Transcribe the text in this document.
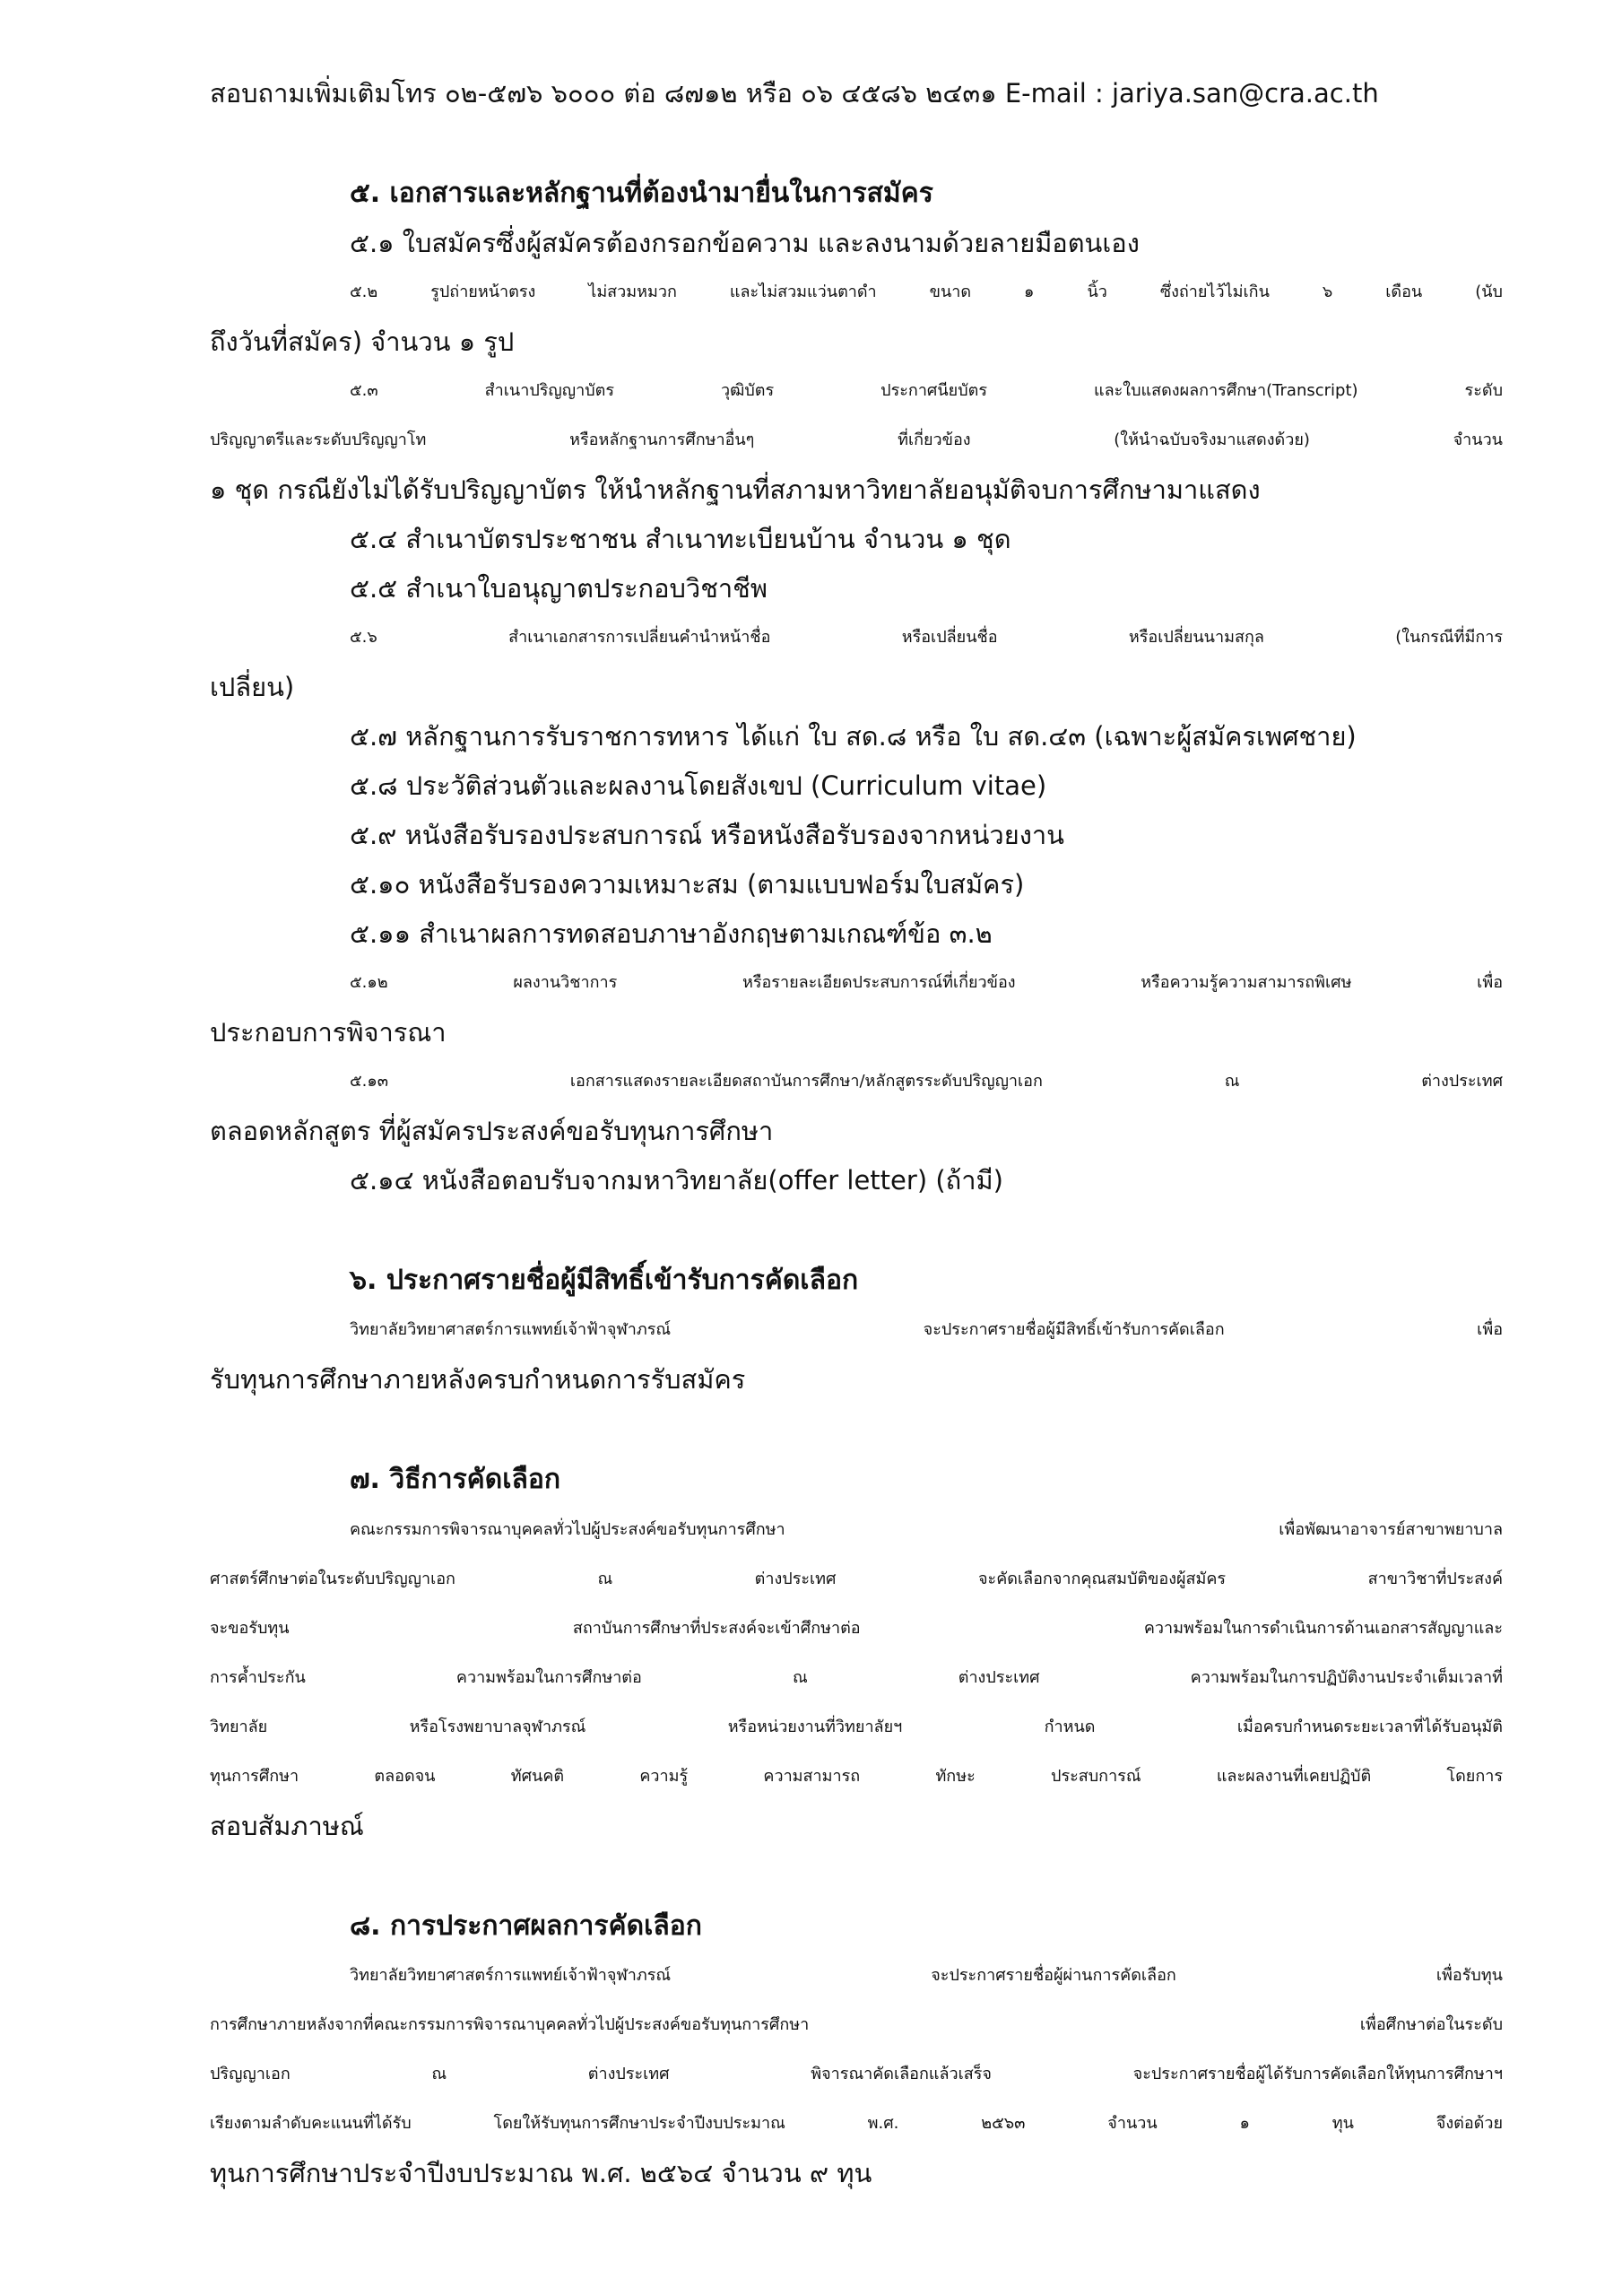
สอบถามเพิ่มเติมโทร ๐๒-๕๗๖ ๖๐๐๐ ต่อ ๘๗๑๒ หรือ ๐๖ ๔๕๘๖ ๒๔๓๑ E-mail : jariya.san@cra.ac.th

๕. เอกสารและหลักฐานที่ต้องนำมายื่นในการสมัคร

๕.๑ ใบสมัครซึ่งผู้สมัครต้องกรอกข้อความ และลงนามด้วยลายมือตนเอง

๕.๒ รูปถ่ายหน้าตรง ไม่สวมหมวก และไม่สวมแว่นตาดำ ขนาด ๑ นิ้ว ซึ่งถ่ายไว้ไม่เกิน ๖ เดือน (นับ

ถึงวันที่สมัคร) จำนวน ๑ รูป

๕.๓ สำเนาปริญญาบัตร วุฒิบัตร ประกาศนียบัตร และใบแสดงผลการศึกษา(Transcript) ระดับ

ปริญญาตรีและระดับปริญญาโท หรือหลักฐานการศึกษาอื่นๆ ที่เกี่ยวข้อง (ให้นำฉบับจริงมาแสดงด้วย) จำนวน

๑ ชุด กรณียังไม่ได้รับปริญญาบัตร ให้นำหลักฐานที่สภามหาวิทยาลัยอนุมัติจบการศึกษามาแสดง

๕.๔ สำเนาบัตรประชาชน สำเนาทะเบียนบ้าน จำนวน ๑ ชุด

๕.๕ สำเนาใบอนุญาตประกอบวิชาชีพ

๕.๖ สำเนาเอกสารการเปลี่ยนคำนำหน้าชื่อ หรือเปลี่ยนชื่อ หรือเปลี่ยนนามสกุล (ในกรณีที่มีการ

เปลี่ยน)

๕.๗ หลักฐานการรับราชการทหาร ได้แก่ ใบ สด.๘ หรือ ใบ สด.๔๓ (เฉพาะผู้สมัครเพศชาย)

๕.๘ ประวัติส่วนตัวและผลงานโดยสังเขป (Curriculum vitae)

๕.๙ หนังสือรับรองประสบการณ์ หรือหนังสือรับรองจากหน่วยงาน

๕.๑๐ หนังสือรับรองความเหมาะสม (ตามแบบฟอร์มใบสมัคร)

๕.๑๑ สำเนาผลการทดสอบภาษาอังกฤษตามเกณฑ์ข้อ ๓.๒

๕.๑๒ ผลงานวิชาการ หรือรายละเอียดประสบการณ์ที่เกี่ยวข้อง หรือความรู้ความสามารถพิเศษ เพื่อ

ประกอบการพิจารณา

๕.๑๓ เอกสารแสดงรายละเอียดสถาบันการศึกษา/หลักสูตรระดับปริญญาเอก ณ ต่างประเทศ

ตลอดหลักสูตร ที่ผู้สมัครประสงค์ขอรับทุนการศึกษา

๕.๑๔ หนังสือตอบรับจากมหาวิทยาลัย(offer letter) (ถ้ามี)

๖. ประกาศรายชื่อผู้มีสิทธิ์เข้ารับการคัดเลือก

วิทยาลัยวิทยาศาสตร์การแพทย์เจ้าฟ้าจุฬาภรณ์ จะประกาศรายชื่อผู้มีสิทธิ์เข้ารับการคัดเลือก เพื่อ

รับทุนการศึกษาภายหลังครบกำหนดการรับสมัคร

๗. วิธีการคัดเลือก

คณะกรรมการพิจารณาบุคคลทั่วไปผู้ประสงค์ขอรับทุนการศึกษา เพื่อพัฒนาอาจารย์สาขาพยาบาล

ศาสตร์ศึกษาต่อในระดับปริญญาเอก ณ ต่างประเทศ จะคัดเลือกจากคุณสมบัติของผู้สมัคร สาขาวิชาที่ประสงค์

จะขอรับทุน สถาบันการศึกษาที่ประสงค์จะเข้าศึกษาต่อ ความพร้อมในการดำเนินการด้านเอกสารสัญญาและ

การค้ำประกัน ความพร้อมในการศึกษาต่อ ณ ต่างประเทศ ความพร้อมในการปฏิบัติงานประจำเต็มเวลาที่

วิทยาลัย หรือโรงพยาบาลจุฬาภรณ์ หรือหน่วยงานที่วิทยาลัยฯ กำหนด เมื่อครบกำหนดระยะเวลาที่ได้รับอนุมัติ

ทุนการศึกษา ตลอดจน ทัศนคติ ความรู้ ความสามารถ ทักษะ ประสบการณ์ และผลงานที่เคยปฏิบัติ โดยการ

สอบสัมภาษณ์

๘. การประกาศผลการคัดเลือก

วิทยาลัยวิทยาศาสตร์การแพทย์เจ้าฟ้าจุฬาภรณ์ จะประกาศรายชื่อผู้ผ่านการคัดเลือก เพื่อรับทุน

การศึกษาภายหลังจากที่คณะกรรมการพิจารณาบุคคลทั่วไปผู้ประสงค์ขอรับทุนการศึกษา เพื่อศึกษาต่อในระดับ

ปริญญาเอก ณ ต่างประเทศ พิจารณาคัดเลือกแล้วเสร็จ จะประกาศรายชื่อผู้ได้รับการคัดเลือกให้ทุนการศึกษาฯ

เรียงตามลำดับคะแนนที่ได้รับ โดยให้รับทุนการศึกษาประจำปีงบประมาณ พ.ศ. ๒๕๖๓ จำนวน ๑ ทุน จึงต่อด้วย

ทุนการศึกษาประจำปีงบประมาณ พ.ศ. ๒๕๖๔ จำนวน ๙ ทุน
